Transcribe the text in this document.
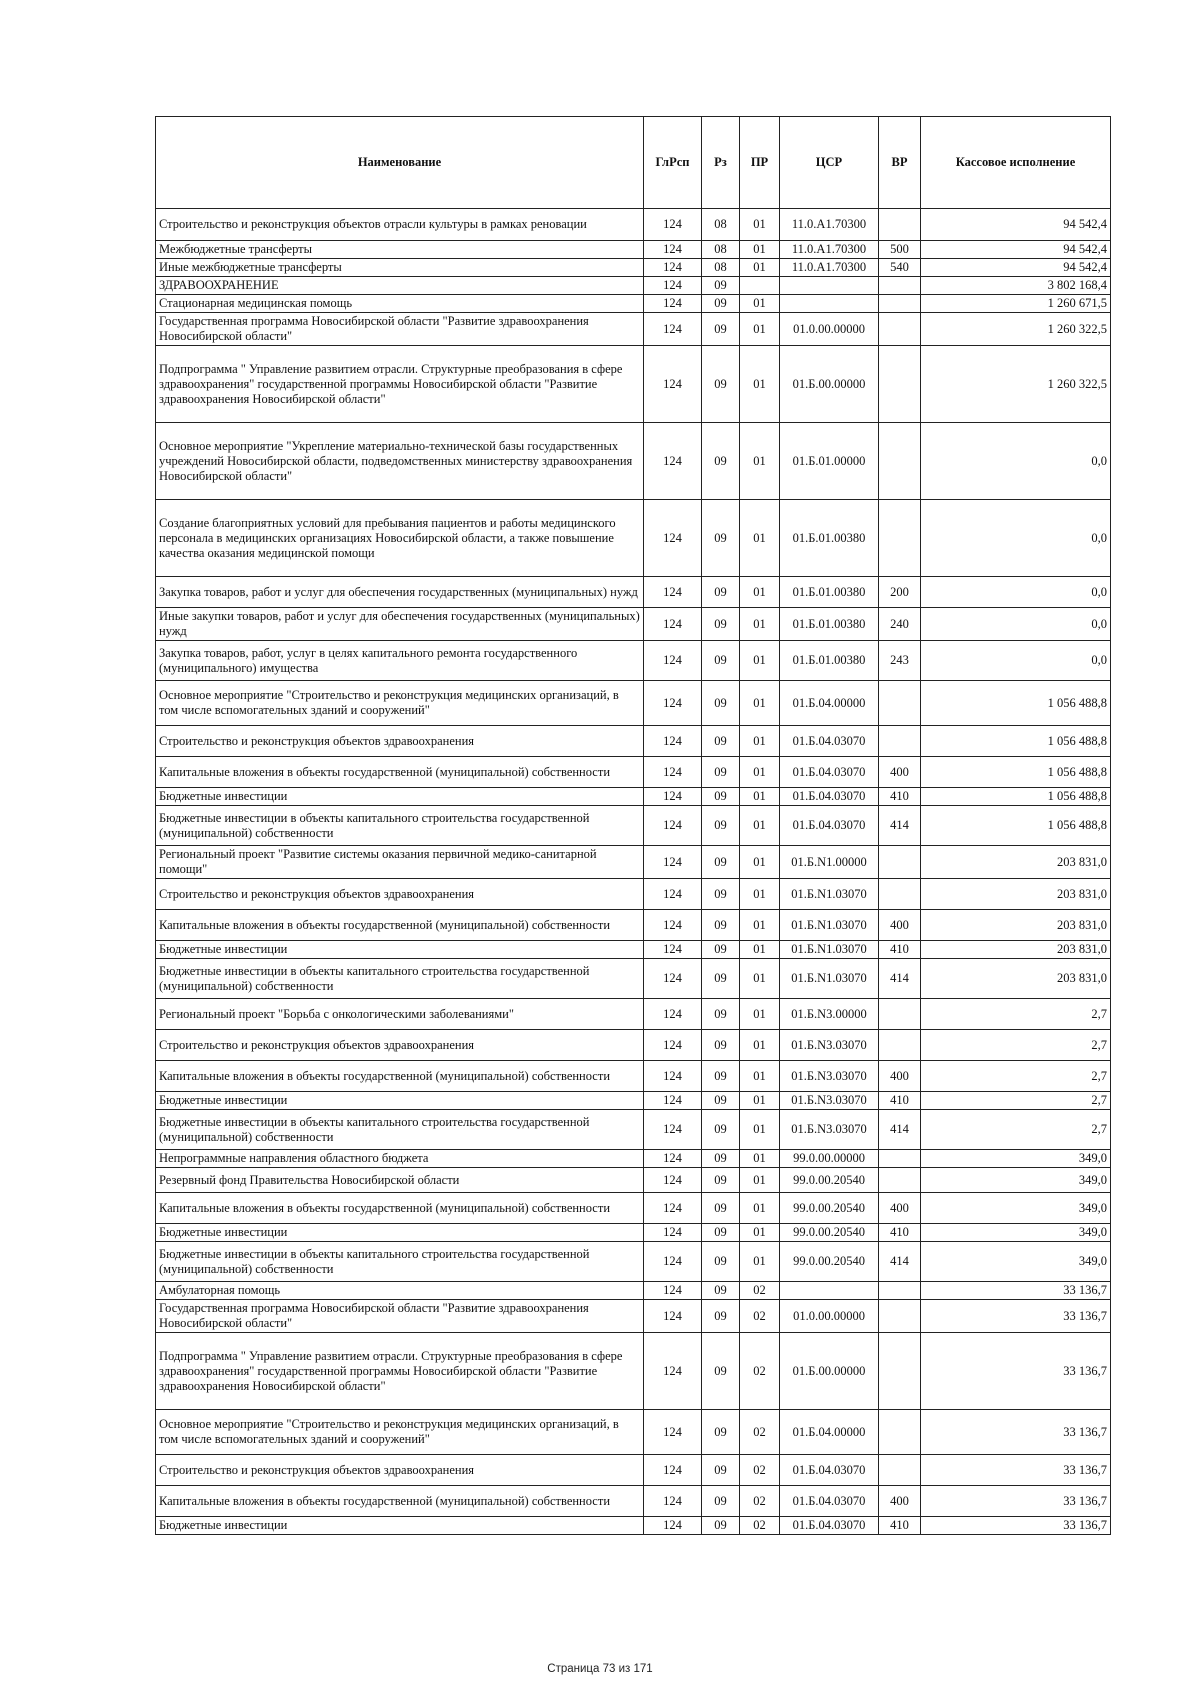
Наименование	ГлРсп	Рз	ПР	ЦСР	ВР	Кассовое исполнение
Строительство и реконструкция объектов отрасли культуры в рамках реновации	124	08	01	11.0.А1.70300		94 542,4
Межбюджетные трансферты	124	08	01	11.0.А1.70300	500	94 542,4
Иные межбюджетные трансферты	124	08	01	11.0.А1.70300	540	94 542,4
ЗДРАВООХРАНЕНИЕ	124	09				3 802 168,4
Стационарная медицинская помощь	124	09	01			1 260 671,5
Государственная программа Новосибирской области "Развитие здравоохранения Новосибирской области"	124	09	01	01.0.00.00000		1 260 322,5
Подпрограмма " Управление развитием отрасли. Структурные преобразования в сфере здравоохранения" государственной программы Новосибирской области "Развитие здравоохранения Новосибирской области"	124	09	01	01.Б.00.00000		1 260 322,5
Основное мероприятие "Укрепление материально-технической базы государственных учреждений Новосибирской области, подведомственных министерству здравоохранения Новосибирской области"	124	09	01	01.Б.01.00000		0,0
Создание благоприятных условий для пребывания пациентов и работы медицинского персонала в медицинских организациях Новосибирской области, а также повышение качества оказания медицинской помощи	124	09	01	01.Б.01.00380		0,0
Закупка товаров, работ и услуг для обеспечения государственных (муниципальных) нужд	124	09	01	01.Б.01.00380	200	0,0
Иные закупки товаров, работ и услуг для обеспечения государственных (муниципальных) нужд	124	09	01	01.Б.01.00380	240	0,0
Закупка товаров, работ, услуг в целях капитального ремонта государственного (муниципального) имущества	124	09	01	01.Б.01.00380	243	0,0
Основное мероприятие "Строительство и реконструкция медицинских организаций, в том числе вспомогательных зданий и сооружений"	124	09	01	01.Б.04.00000		1 056 488,8
Строительство и реконструкция объектов здравоохранения	124	09	01	01.Б.04.03070		1 056 488,8
Капитальные вложения в объекты государственной (муниципальной) собственности	124	09	01	01.Б.04.03070	400	1 056 488,8
Бюджетные инвестиции	124	09	01	01.Б.04.03070	410	1 056 488,8
Бюджетные инвестиции в объекты капитального строительства государственной (муниципальной) собственности	124	09	01	01.Б.04.03070	414	1 056 488,8
Региональный проект "Развитие системы оказания первичной медико-санитарной помощи"	124	09	01	01.Б.N1.00000		203 831,0
Строительство и реконструкция объектов здравоохранения	124	09	01	01.Б.N1.03070		203 831,0
Капитальные вложения в объекты государственной (муниципальной) собственности	124	09	01	01.Б.N1.03070	400	203 831,0
Бюджетные инвестиции	124	09	01	01.Б.N1.03070	410	203 831,0
Бюджетные инвестиции в объекты капитального строительства государственной (муниципальной) собственности	124	09	01	01.Б.N1.03070	414	203 831,0
Региональный проект "Борьба с онкологическими заболеваниями"	124	09	01	01.Б.N3.00000		2,7
Строительство и реконструкция объектов здравоохранения	124	09	01	01.Б.N3.03070		2,7
Капитальные вложения в объекты государственной (муниципальной) собственности	124	09	01	01.Б.N3.03070	400	2,7
Бюджетные инвестиции	124	09	01	01.Б.N3.03070	410	2,7
Бюджетные инвестиции в объекты капитального строительства государственной (муниципальной) собственности	124	09	01	01.Б.N3.03070	414	2,7
Непрограммные направления областного бюджета	124	09	01	99.0.00.00000		349,0
Резервный фонд Правительства Новосибирской области	124	09	01	99.0.00.20540		349,0
Капитальные вложения в объекты государственной (муниципальной) собственности	124	09	01	99.0.00.20540	400	349,0
Бюджетные инвестиции	124	09	01	99.0.00.20540	410	349,0
Бюджетные инвестиции в объекты капитального строительства государственной (муниципальной) собственности	124	09	01	99.0.00.20540	414	349,0
Амбулаторная помощь	124	09	02			33 136,7
Государственная программа Новосибирской области "Развитие здравоохранения Новосибирской области"	124	09	02	01.0.00.00000		33 136,7
Подпрограмма " Управление развитием отрасли. Структурные преобразования в сфере здравоохранения" государственной программы Новосибирской области "Развитие здравоохранения Новосибирской области"	124	09	02	01.Б.00.00000		33 136,7
Основное мероприятие "Строительство и реконструкция медицинских организаций, в том числе вспомогательных зданий и сооружений"	124	09	02	01.Б.04.00000		33 136,7
Строительство и реконструкция объектов здравоохранения	124	09	02	01.Б.04.03070		33 136,7
Капитальные вложения в объекты государственной (муниципальной) собственности	124	09	02	01.Б.04.03070	400	33 136,7
Бюджетные инвестиции	124	09	02	01.Б.04.03070	410	33 136,7
Страница 73 из 171
